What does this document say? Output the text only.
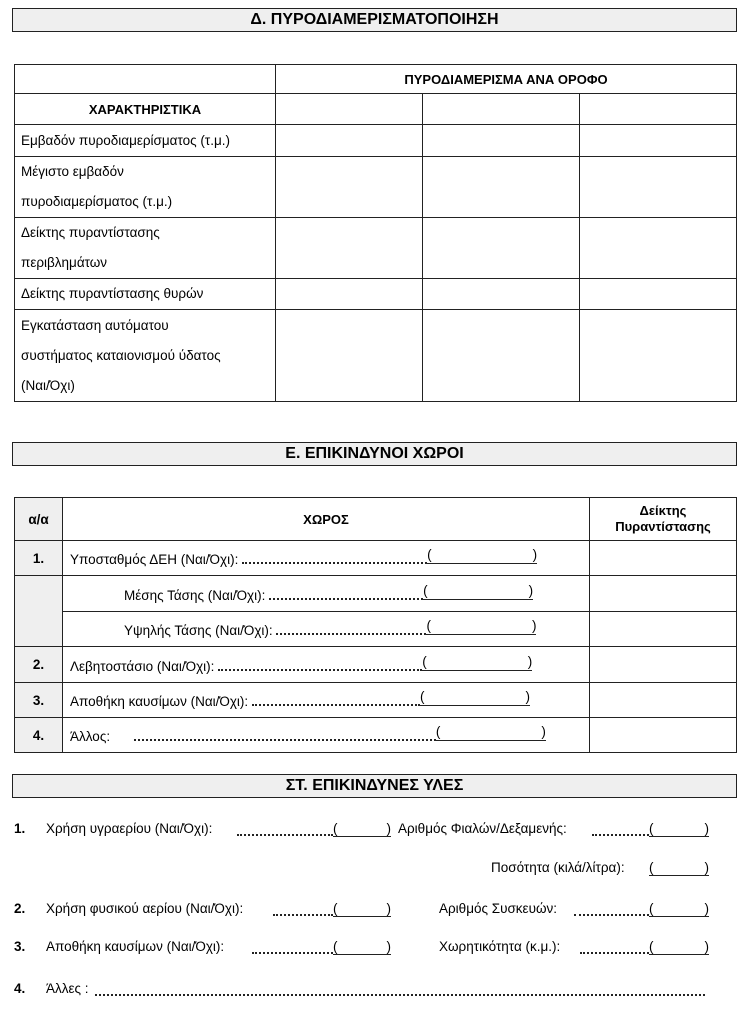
Δ. ΠΥΡΟΔΙΑΜΕΡΙΣΜΑΤΟΠΟΙΗΣΗ
	ΠΥΡΟΔΙΑΜΕΡΙΣΜΑ ΑΝΑ ΟΡΟΦΟ		
ΧΑΡΑΚΤΗΡΙΣΤΙΚΑ			

Εμβαδόν πυροδιαμερίσματος (τ.μ.)			

Μέγιστο εμβαδόν
πυροδιαμερίσματος (τ.μ.)			

Δείκτης πυραντίστασης
περιβλημάτων			

Δείκτης πυραντίστασης θυρών			

Εγκατάσταση αυτόματου
συστήματος καταιονισμού ύδατος
(Ναι/Όχι)			

Ε. ΕΠΙΚΙΝΔΥΝΟΙ ΧΩΡΟΙ
α/α	ΧΩΡΟΣ	Δείκτης
Πυραντίστασης

1.	Υποσταθμός ΔΕΗ (Ναι/Όχι): ( )	
	Μέσης Τάσης (Ναι/Όχι): ( )	
	Υψηλής Τάσης (Ναι/Όχι): ( )	
2.	Λεβητοστάσιο (Ναι/Όχι): ( )	
3.	Αποθήκη καυσίμων (Ναι/Όχι): ( )	
4.	Άλλος: ( )	
ΣΤ. ΕΠΙΚΙΝΔΥΝΕΣ ΥΛΕΣ
1. Χρήση υγραερίου (Ναι/Όχι): ( )	Αριθμός Φιαλών/Δεξαμενής:
( )
Ποσότητα (κιλά/λίτρα):
( )
2. Χρήση φυσικού αερίου (Ναι/Όχι): ( )	Αριθμός Συσκευών:
( )
3. Αποθήκη καυσίμων (Ναι/Όχι): ( )	Χωρητικότητα (κ.μ.):
( )
4. Άλλες :
